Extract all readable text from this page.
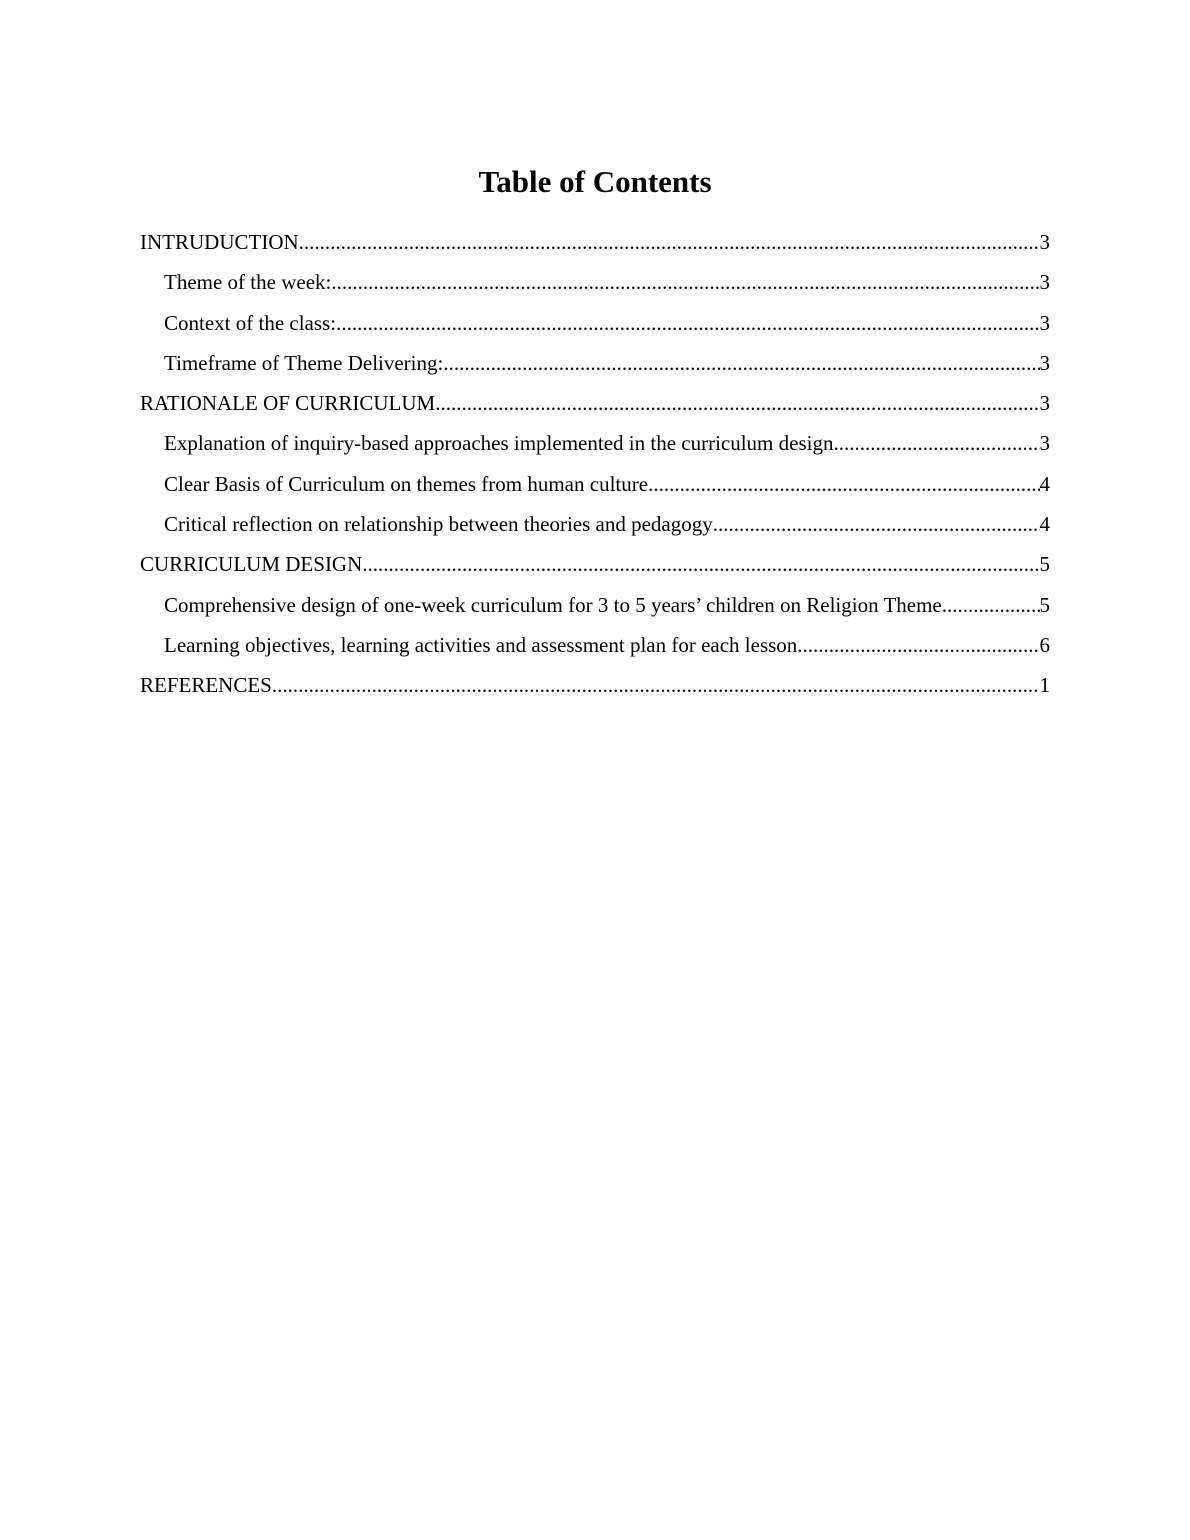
Table of Contents
INTRUDUCTION .....	3
Theme of the week: .....	3
Context of the class: .....	3
Timeframe of Theme Delivering: .....	3
RATIONALE OF CURRICULUM .....	3
Explanation of inquiry-based approaches implemented in the curriculum design .....	3
Clear Basis of Curriculum on themes from human culture .....	4
Critical reflection on relationship between theories and pedagogy .....	4
CURRICULUM DESIGN .....	5
Comprehensive design of one-week curriculum for 3 to 5 years’ children on Religion Theme .....	5
Learning objectives, learning activities and assessment plan for each lesson .....	6
REFERENCES .....	1
